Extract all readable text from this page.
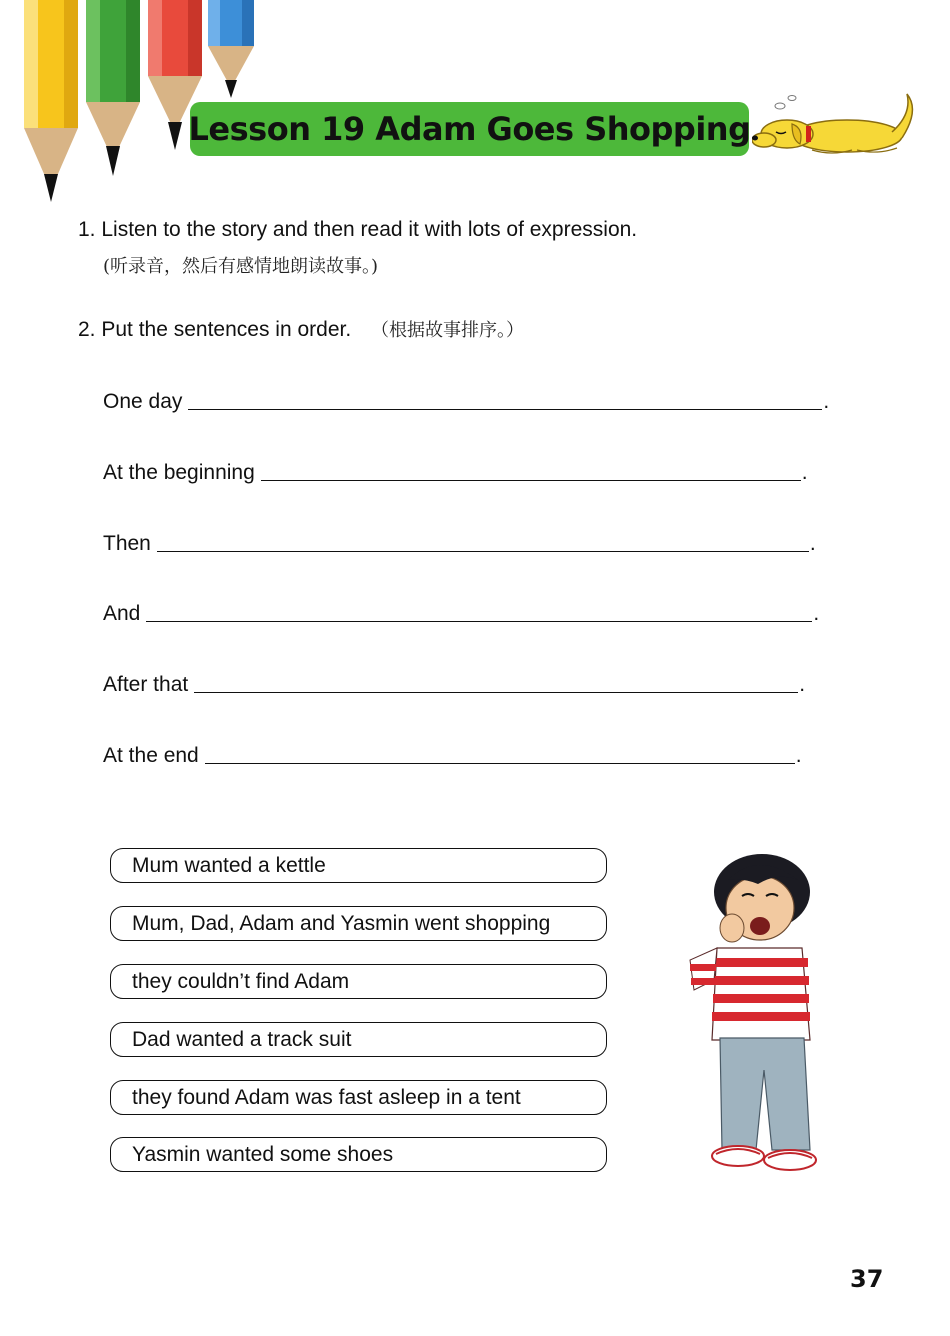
Lesson 19 Adam Goes Shopping
1. Listen to the story and then read it with lots of expression.
(听录音，然后有感情地朗读故事。)
2. Put the sentences in order. （根据故事排序。）
One day	.
At the beginning	.
Then	.
And	.
After that	.
At the end	.
Mum wanted a kettle
Mum, Dad, Adam and Yasmin went shopping
they couldn’t find Adam
Dad wanted a track suit
they found Adam was fast asleep in a tent
Yasmin wanted some shoes
37
